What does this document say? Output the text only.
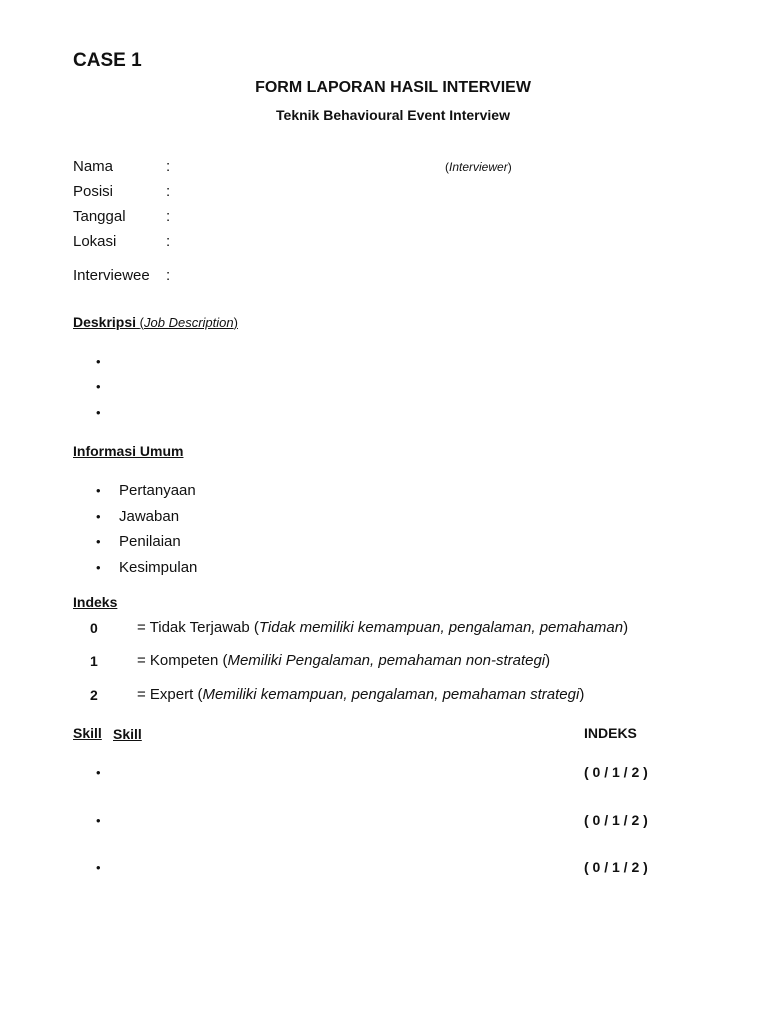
CASE 1
FORM LAPORAN HASIL INTERVIEW
Teknik Behavioural Event Interview
Nama	:	(Interviewer)
Posisi	:
Tanggal	:
Lokasi	:
Interviewee :
Deskripsi (Job Description)
•
•
•
Informasi Umum
• Pertanyaan
• Jawaban
• Penilaian
• Kesimpulan
Indeks
0	= Tidak Terjawab (Tidak memiliki kemampuan, pengalaman, pemahaman)
1	= Kompeten (Memiliki Pengalaman, pemahaman non-strategi)
2	= Expert (Memiliki kemampuan, pengalaman, pemahaman strategi)
Skill Skill	INDEKS
•	( 0 / 1 / 2 )
•	( 0 / 1 / 2 )
•	( 0 / 1 / 2 )
